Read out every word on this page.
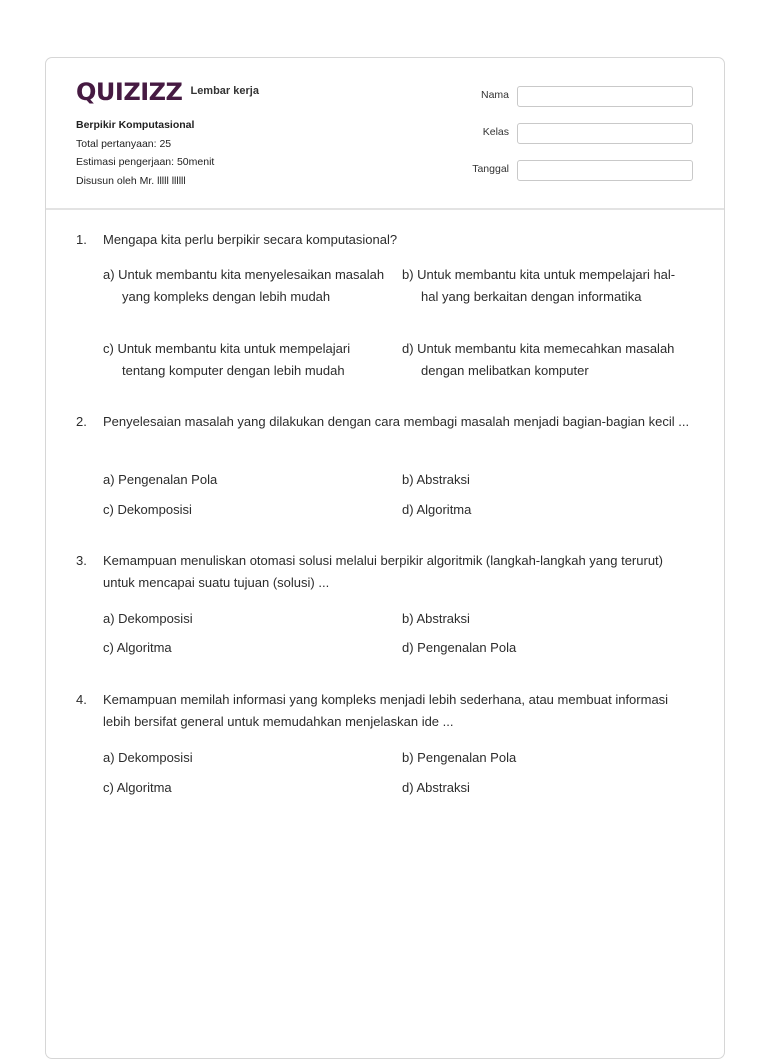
QUIZIZZ Lembar kerja
Berpikir Komputasional
Total pertanyaan: 25
Estimasi pengerjaan: 50menit
Disusun oleh Mr. lllll llllll
Nama
Kelas
Tanggal
1. Mengapa kita perlu berpikir secara komputasional?
a) Untuk membantu kita menyelesaikan masalah yang kompleks dengan lebih mudah
b) Untuk membantu kita untuk mempelajari hal-hal yang berkaitan dengan informatika
c) Untuk membantu kita untuk mempelajari tentang komputer dengan lebih mudah
d) Untuk membantu kita memecahkan masalah dengan melibatkan komputer
2. Penyelesaian masalah yang dilakukan dengan cara membagi masalah menjadi bagian-bagian kecil ...
a) Pengenalan Pola	b) Abstraksi
c) Dekomposisi	d) Algoritma
3. Kemampuan menuliskan otomasi solusi melalui berpikir algoritmik (langkah-langkah yang terurut) untuk mencapai suatu tujuan (solusi) ...
a) Dekomposisi	b) Abstraksi
c) Algoritma	d) Pengenalan Pola
4. Kemampuan memilah informasi yang kompleks menjadi lebih sederhana, atau membuat informasi lebih bersifat general untuk memudahkan menjelaskan ide ...
a) Dekomposisi	b) Pengenalan Pola
c) Algoritma	d) Abstraksi
